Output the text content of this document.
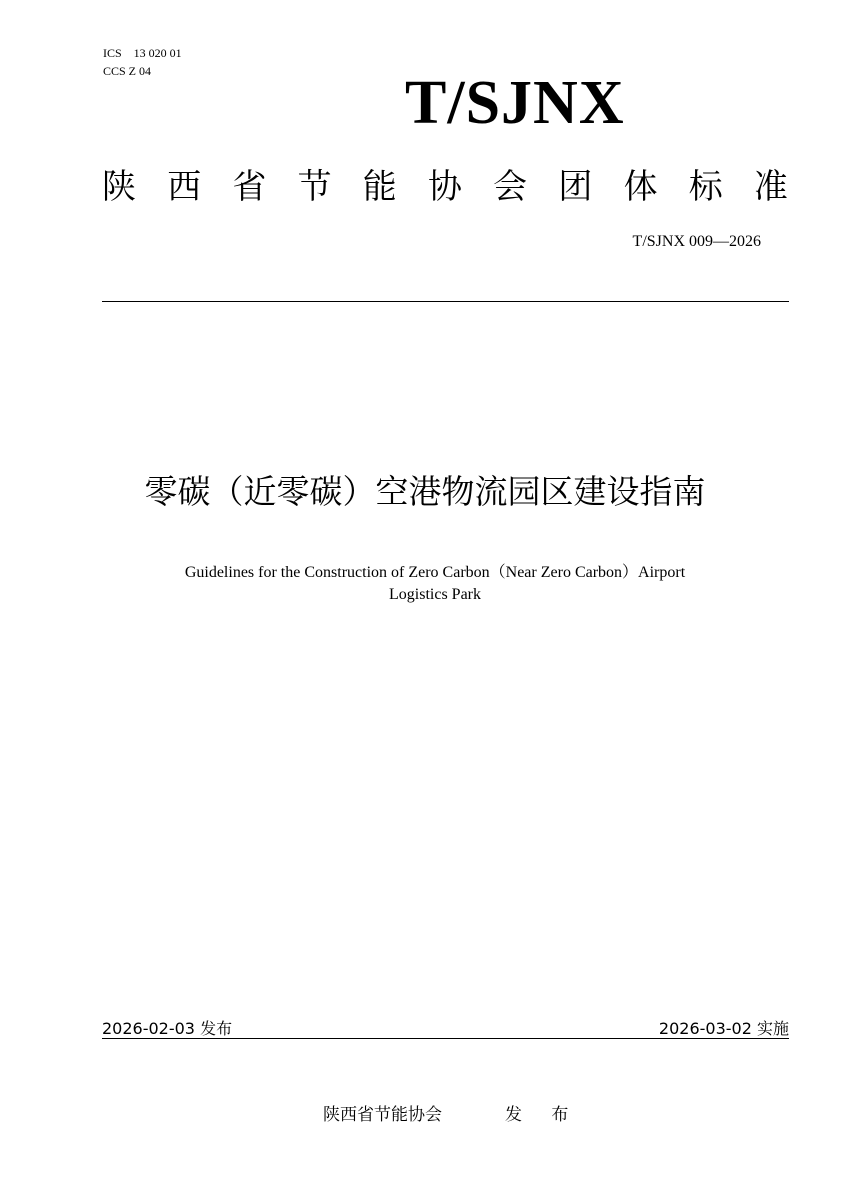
ICS    13 020 01
CCS Z 04	T/SJNX
陕 西 省 节 能 协 会 团 体 标 准
T/SJNX 009—2026
零碳（近零碳）空港物流园区建设指南
Guidelines for the Construction of Zero Carbon（Near Zero Carbon）Airport
Logistics Park
2026-02-03 发布	2026-03-02 实施
陕西省节能协会	发 布
